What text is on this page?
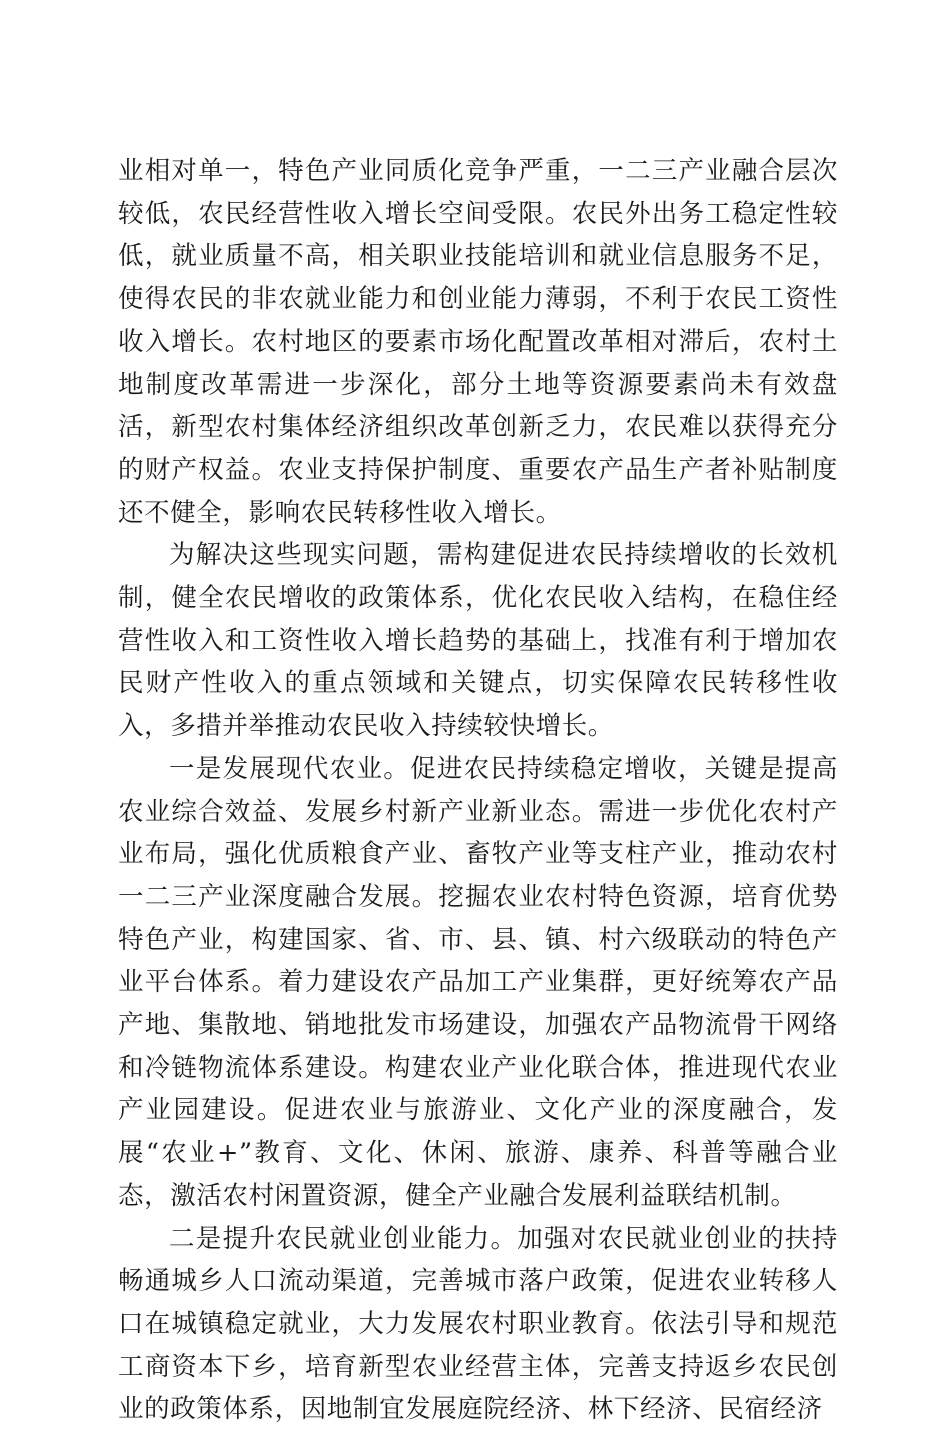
业相对单一，特色产业同质化竞争严重，一二三产业融合层次较低，农民经营性收入增长空间受限。农民外出务工稳定性较低，就业质量不高，相关职业技能培训和就业信息服务不足，使得农民的非农就业能力和创业能力薄弱，不利于农民工资性收入增长。农村地区的要素市场化配置改革相对滞后，农村土地制度改革需进一步深化，部分土地等资源要素尚未有效盘活，新型农村集体经济组织改革创新乏力，农民难以获得充分的财产权益。农业支持保护制度、重要农产品生产者补贴制度还不健全，影响农民转移性收入增长。

为解决这些现实问题，需构建促进农民持续增收的长效机制，健全农民增收的政策体系，优化农民收入结构，在稳住经营性收入和工资性收入增长趋势的基础上，找准有利于增加农民财产性收入的重点领域和关键点，切实保障农民转移性收入，多措并举推动农民收入持续较快增长。

一是发展现代农业。促进农民持续稳定增收，关键是提高农业综合效益、发展乡村新产业新业态。需进一步优化农村产业布局，强化优质粮食产业、畜牧产业等支柱产业，推动农村一二三产业深度融合发展。挖掘农业农村特色资源，培育优势特色产业，构建国家、省、市、县、镇、村六级联动的特色产业平台体系。着力建设农产品加工产业集群，更好统筹农产品产地、集散地、销地批发市场建设，加强农产品物流骨干网络和冷链物流体系建设。构建农业产业化联合体，推进现代农业产业园建设。促进农业与旅游业、文化产业的深度融合，发展“农业+”教育、文化、休闲、旅游、康养、科普等融合业态，激活农村闲置资源，健全产业融合发展利益联结机制。

二是提升农民就业创业能力。加强对农民就业创业的扶持畅通城乡人口流动渠道，完善城市落户政策，促进农业转移人口在城镇稳定就业，大力发展农村职业教育。依法引导和规范工商资本下乡，培育新型农业经营主体，完善支持返乡农民创业的政策体系，因地制宜发展庭院经济、林下经济、民宿经济
